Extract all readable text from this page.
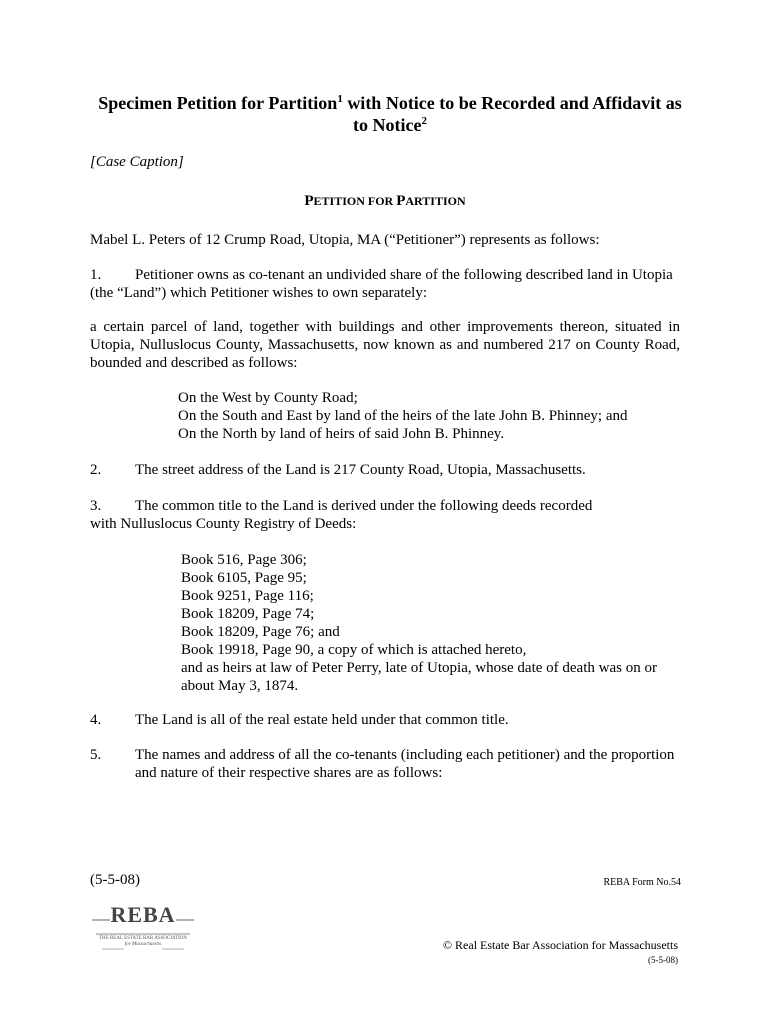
Specimen Petition for Partition$^1$ with Notice to be Recorded and Affidavit as
to Notice$^2$
[Case Caption]
PETITION FOR PARTITION
Mabel L. Peters of 12 Crump Road, Utopia, MA (“Petitioner”) represents as follows:
1. Petitioner owns as co-tenant an undivided share of the following described land in Utopia
(the “Land”) which Petitioner wishes to own separately:
a certain parcel of land, together with buildings and other improvements thereon, situated in Utopia, Nulluslocus County, Massachusetts, now known as and numbered 217 on County Road, bounded and described as follows:
On the West by County Road;
On the South and East by land of the heirs of the late John B. Phinney; and
On the North by land of heirs of said John B. Phinney.
2. The street address of the Land is 217 County Road, Utopia, Massachusetts.
3. The common title to the Land is derived under the following deeds recorded
with Nulluslocus County Registry of Deeds:
Book 516, Page 306;
Book 6105, Page 95;
Book 9251, Page 116;
Book 18209, Page 74;
Book 18209, Page 76; and
Book 19918, Page 90, a copy of which is attached hereto,
and as heirs at law of Peter Perry, late of Utopia, whose date of death was on or
about May 3, 1874.
4. The Land is all of the real estate held under that common title.
5. The names and address of all the co-tenants (including each petitioner) and the proportion
and nature of their respective shares are as follows:
(5-5-08)	REBA Form No.54
REBA
THE REAL ESTATE BAR ASSOCIATION
for Massachusetts	© Real Estate Bar Association for Massachusetts
(5-5-08)
